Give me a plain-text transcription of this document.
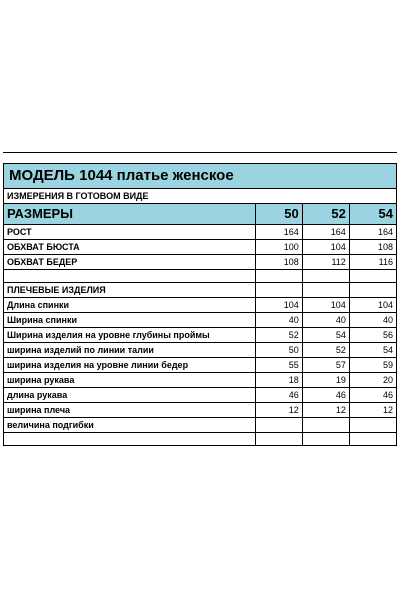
МОДЕЛЬ 1044 платье женское			
ИЗМЕРЕНИЯ В ГОТОВОМ ВИДЕ			
РАЗМЕРЫ	50	52	54
РОСТ	164	164	164
ОБХВАТ БЮСТА	100	104	108
ОБХВАТ БЕДЕР	108	112	116

ПЛЕЧЕВЫЕ ИЗДЕЛИЯ			
Длина спинки	104	104	104
Ширина спинки	40	40	40
Ширина изделия на уровне глубины проймы	52	54	56
ширина изделий по линии талии	50	52	54
ширина изделия на уровне линии бедер	55	57	59
ширина рукава	18	19	20
длина рукава	46	46	46
ширина плеча	12	12	12
величина подгибки			
